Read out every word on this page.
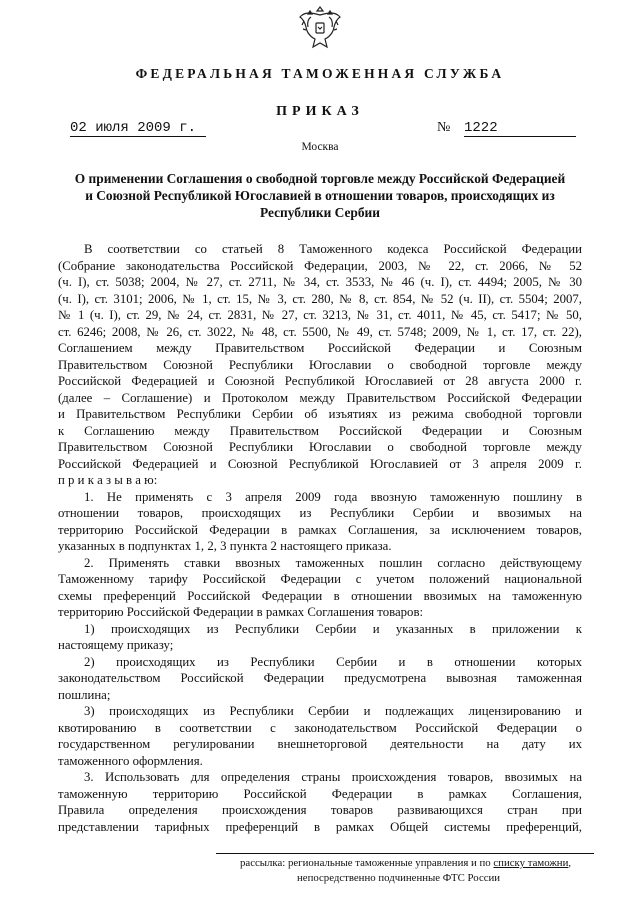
ФЕДЕРАЛЬНАЯ ТАМОЖЕННАЯ СЛУЖБА
ПРИКАЗ
02 июля 2009 г.	№ 1222
Москва
О применении Соглашения о свободной торговле между Российской Федерацией
и Союзной Республикой Югославией в отношении товаров, происходящих из
Республики Сербии
В соответствии со статьей 8 Таможенного кодекса Российской Федерации
(Собрание законодательства Российской Федерации, 2003, № 22, ст. 2066, № 52
(ч. I), ст. 5038; 2004, № 27, ст. 2711, № 34, ст. 3533, № 46 (ч. I), ст. 4494; 2005, № 30
(ч. I), ст. 3101; 2006, № 1, ст. 15, № 3, ст. 280, № 8, ст. 854, № 52 (ч. II), ст. 5504; 2007,
№ 1 (ч. I), ст. 29, № 24, ст. 2831, № 27, ст. 3213, № 31, ст. 4011, № 45, ст. 5417; № 50,
ст. 6246; 2008, № 26, ст. 3022, № 48, ст. 5500, № 49, ст. 5748; 2009, № 1, ст. 17, ст. 22),
Соглашением между Правительством Российской Федерации и Союзным
Правительством Союзной Республики Югославии о свободной торговле между
Российской Федерацией и Союзной Республикой Югославией от 28 августа 2000 г.
(далее – Соглашение) и Протоколом между Правительством Российской Федерации
и Правительством Республики Сербии об изъятиях из режима свободной торговли
к Соглашению между Правительством Российской Федерации и Союзным
Правительством Союзной Республики Югославии о свободной торговле между
Российской Федерацией и Союзной Республикой Югославией от 3 апреля 2009 г.
п р и к а з ы в а ю:
1. Не применять с 3 апреля 2009 года ввозную таможенную пошлину в
отношении товаров, происходящих из Республики Сербии и ввозимых на
территорию Российской Федерации в рамках Соглашения, за исключением товаров,
указанных в подпунктах 1, 2, 3 пункта 2 настоящего приказа.
2. Применять ставки ввозных таможенных пошлин согласно действующему
Таможенному тарифу Российской Федерации с учетом положений национальной
схемы преференций Российской Федерации в отношении ввозимых на таможенную
территорию Российской Федерации в рамках Соглашения товаров:
1) происходящих из Республики Сербии и указанных в приложении к
настоящему приказу;
2) происходящих из Республики Сербии и в отношении которых
законодательством Российской Федерации предусмотрена вывозная таможенная
пошлина;
3) происходящих из Республики Сербии и подлежащих лицензированию и
квотированию в соответствии с законодательством Российской Федерации о
государственном регулировании внешнеторговой деятельности на дату их
таможенного оформления.
3. Использовать для определения страны происхождения товаров, ввозимых на
таможенную территорию Российской Федерации в рамках Соглашения,
Правила определения происхождения товаров развивающихся стран при
представлении тарифных преференций в рамках Общей системы преференций,
рассылка: региональные таможенные управления и по списку таможни,
непосредственно подчиненные ФТС России
